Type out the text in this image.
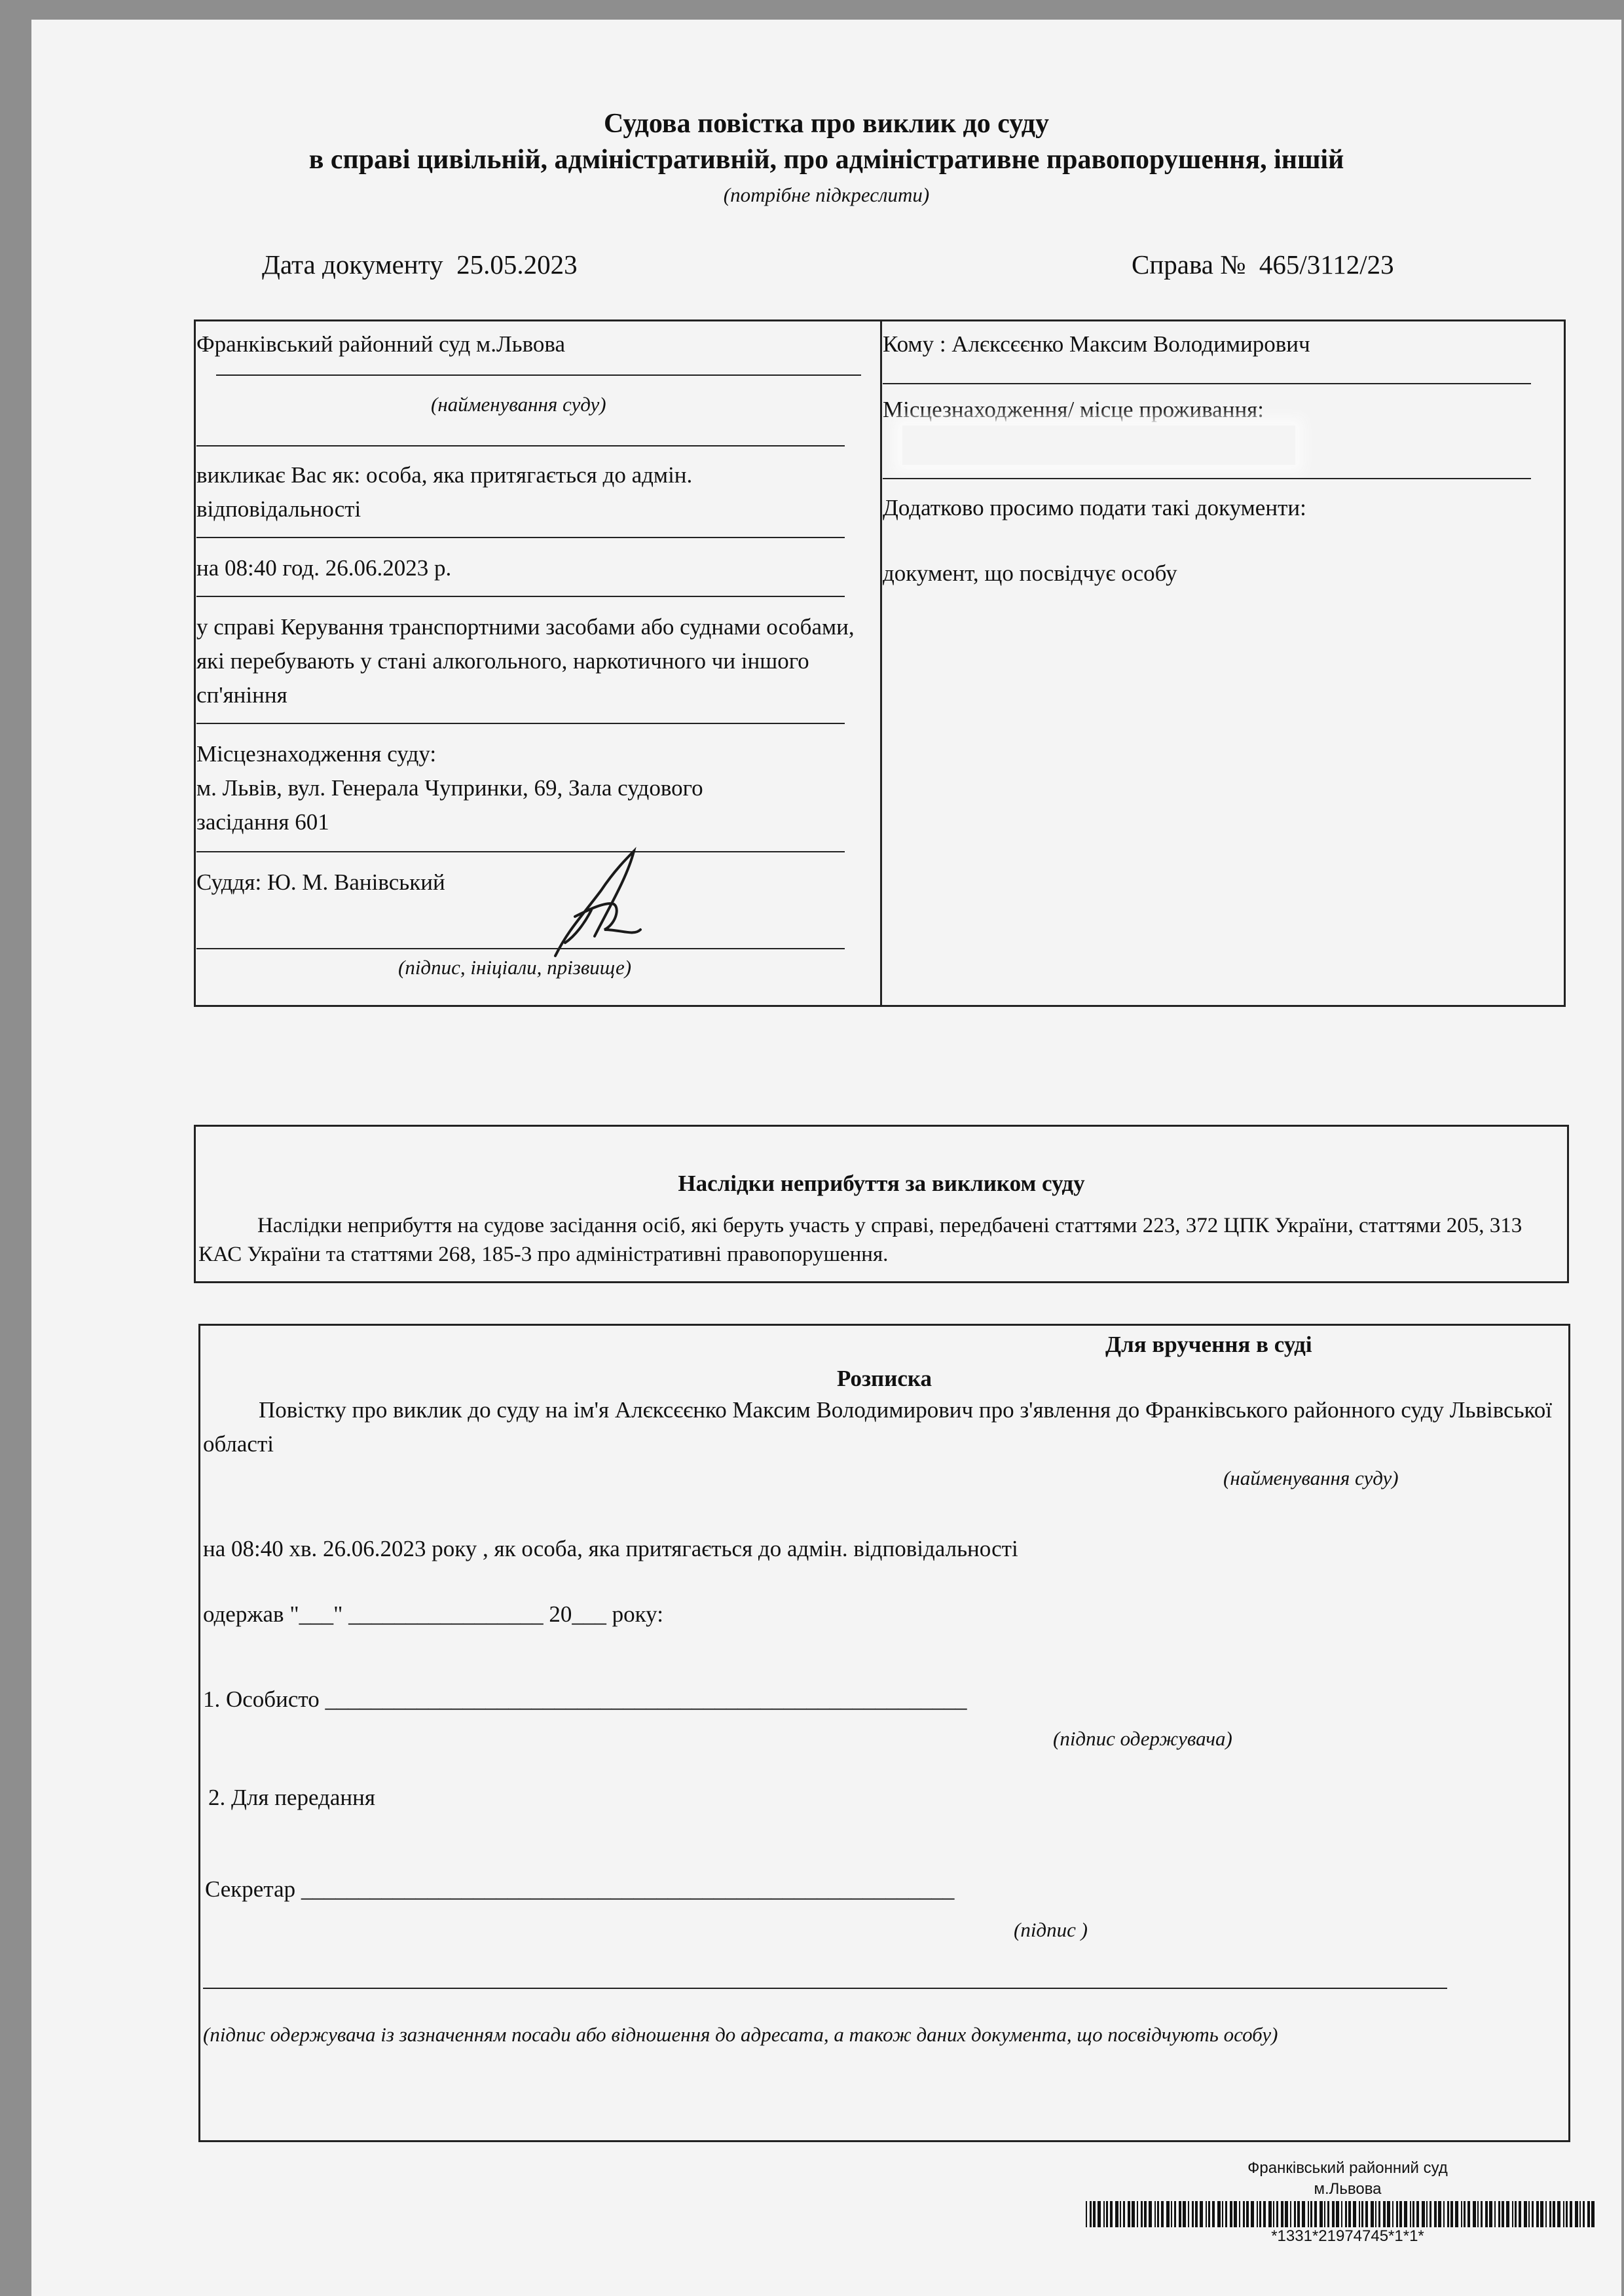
Судова повістка про виклик до суду
в справі цивільній, адміністративній, про адміністративне правопорушення, іншій
(потрібне підкреслити)
Дата документу 25.05.2023	Справа № 465/3112/23
Франківський районний суд м.Львова
(найменування суду)
викликає Вас як: особа, яка притягається до адмін. відповідальності
на 08:40 год. 26.06.2023 р.
у справі Керування транспортними засобами або суднами особами, які перебувають у стані алкогольного, наркотичного чи іншого сп'яніння
Місцезнаходження суду:
м. Львів, вул. Генерала Чупринки, 69, Зала судового засідання 601
Суддя: Ю. М. Ванівський
(підпис, ініціали, прізвище)
Кому : Алєксєєнко Максим Володимирович
Місцезнаходження/ місце проживання:
Додатково просимо подати такі документи:
документ, що посвідчує особу
Наслідки неприбуття за викликом суду
Наслідки неприбуття на судове засідання осіб, які беруть участь у справі, передбачені статтями 223, 372 ЦПК України, статтями 205, 313 КАС України та статтями 268, 185-3 про адміністративні правопорушення.
Для вручення в суді
Розписка
Повістку про виклик до суду на ім'я Алєксєєнко Максим Володимирович про з'явлення до Франківського районного суду Львівської області
(найменування суду)
на 08:40 хв. 26.06.2023 року , як особа, яка притягається до адмін. відповідальності
одержав "___" _________________ 20___ року:
1. Особисто ________________________________________________________
(підпис одержувача)
2. Для передання
Секретар _________________________________________________________
(підпис )
(підпис одержувача із зазначенням посади або відношення до адресата, а також даних документа, що посвідчують особу)
Франківський районний суд
м.Львова
*1331*21974745*1*1*
